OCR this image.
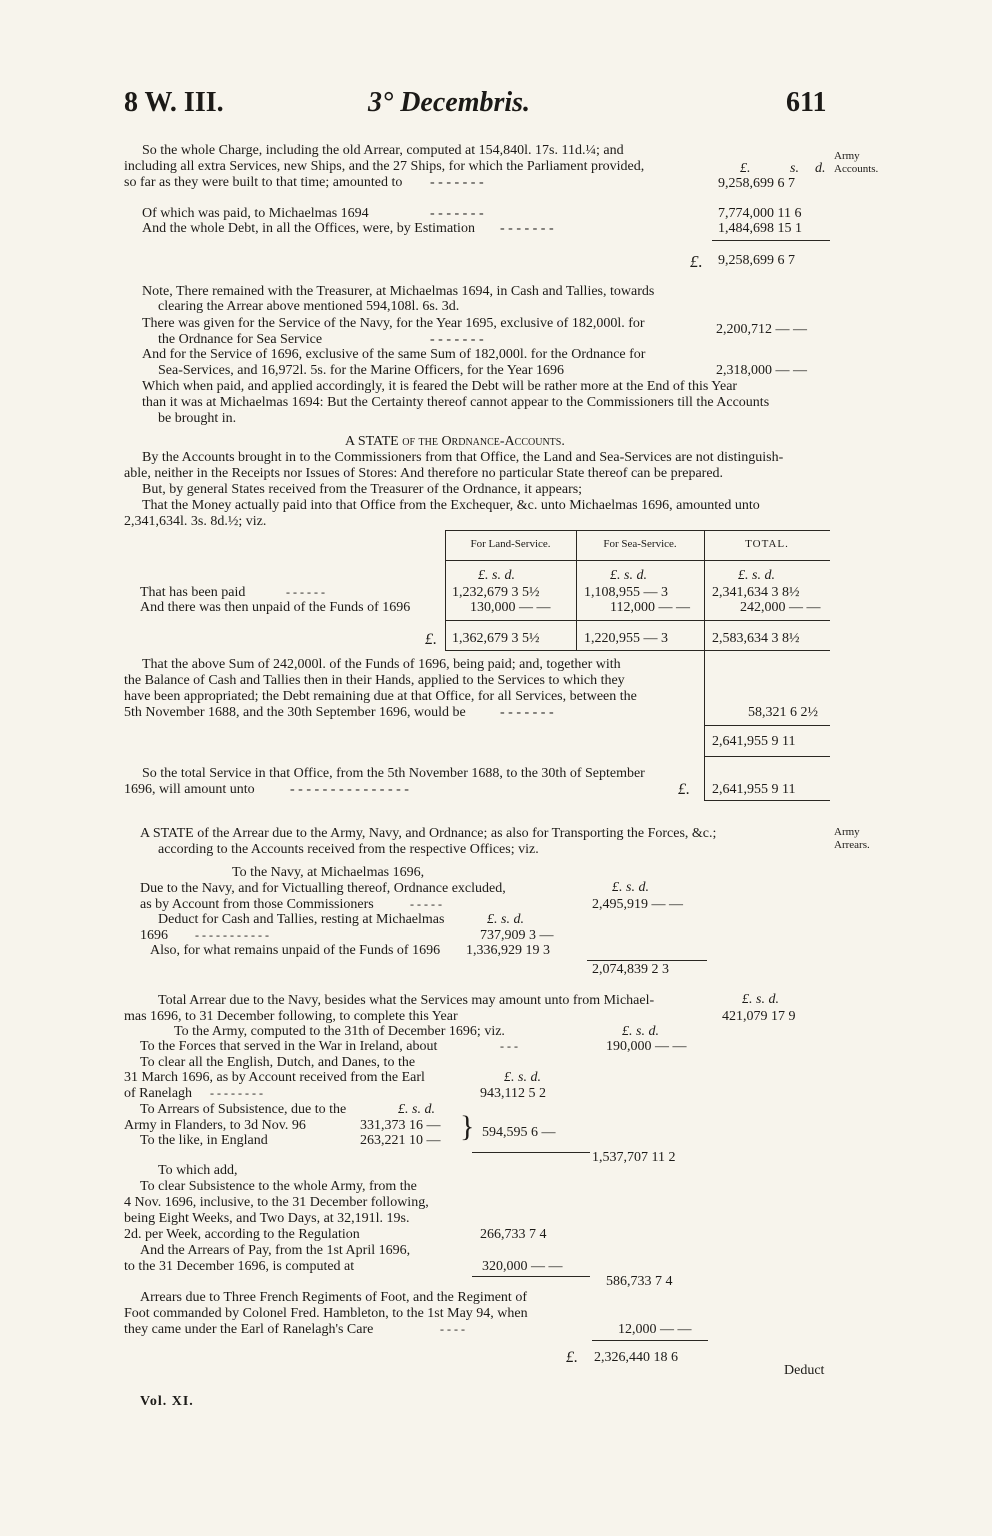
8 W. III.	3° Decembris.	611
Army
Accounts.
Army
Arrears.
So the whole Charge, including the old Arrear, computed at 154,840l. 17s. 11d.¼; and
including all extra Services, new Ships, and the 27 Ships, for which the Parliament provided,
so far as they were built to that time; amounted to - - - - - - -
£.	s. d.
9,258,699 6 7
Of which was paid, to Michaelmas 1694	- - - - - - -	7,774,000 11 6
And the whole Debt, in all the Offices, were, by Estimation - - - - - - -	1,484,698 15 1
£. 9,258,699 6 7
Note, There remained with the Treasurer, at Michaelmas 1694, in Cash and Tallies, towards
clearing the Arrear above mentioned 594,108l. 6s. 3d.
There was given for the Service of the Navy, for the Year 1695, exclusive of 182,000l. for
the Ordnance for Sea Service	- - - - - - -
2,200,712 — —
And for the Service of 1696, exclusive of the same Sum of 182,000l. for the Ordnance for
Sea-Services, and 16,972l. 5s. for the Marine Officers, for the Year 1696	2,318,000 — —
Which when paid, and applied accordingly, it is feared the Debt will be rather more at the End of this Year
than it was at Michaelmas 1694: But the Certainty thereof cannot appear to the Commissioners till the Accounts
be brought in.
A STATE of the Ordnance-Accounts.
By the Accounts brought in to the Commissioners from that Office, the Land and Sea-Services are not distinguish-
able, neither in the Receipts nor Issues of Stores: And therefore no particular State thereof can be prepared.
But, by general States received from the Treasurer of the Ordnance, it appears;
That the Money actually paid into that Office from the Exchequer, &c. unto Michaelmas 1696, amounted unto
2,341,634l. 3s. 8d.½; viz.
For Land-Service.	For Sea-Service.	TOTAL.
£. s. d.	£. s. d.	£. s. d.
That has been paid	- - - - - -	1,232,679 3 5½	1,108,955 — 3	2,341,634 3 8½
And there was then unpaid of the Funds of 1696	130,000 — —	112,000 — —	242,000 — —
£. 1,362,679 3 5½	1,220,955 — 3	2,583,634 3 8½
That the above Sum of 242,000l. of the Funds of 1696, being paid; and, together with
the Balance of Cash and Tallies then in their Hands, applied to the Services to which they
have been appropriated; the Debt remaining due at that Office, for all Services, between the
5th November 1688, and the 30th September 1696, would be - - - - - - -	58,321 6 2½
2,641,955 9 11
So the total Service in that Office, from the 5th November 1688, to the 30th of September
1696, will amount unto	- - - - - - - - - - - - - - -	£. 2,641,955 9 11
A STATE of the Arrear due to the Army, Navy, and Ordnance; as also for Transporting the Forces, &c.;
according to the Accounts received from the respective Offices; viz.
To the Navy, at Michaelmas 1696,
Due to the Navy, and for Victualling thereof, Ordnance excluded,	£. s. d.
as by Account from those Commissioners	- - - - -	2,495,919 — —
Deduct for Cash and Tallies, resting at Michaelmas	£. s. d.
1696 - - - - - - - - - - -	737,909 3 —
Also, for what remains unpaid of the Funds of 1696 1,336,929 19 3
2,074,839 2 3
Total Arrear due to the Navy, besides what the Services may amount unto from Michael-	£. s. d.
mas 1696, to 31 December following, to complete this Year	421,079 17 9
To the Army, computed to the 31th of December 1696; viz.	£. s. d.
To the Forces that served in the War in Ireland, about	- - -	190,000 — —
To clear all the English, Dutch, and Danes, to the
31 March 1696, as by Account received from the Earl	£. s. d.
of Ranelagh - - - - - - - -	943,112 5 2
To Arrears of Subsistence, due to the	£. s. d.
Army in Flanders, to 3d Nov. 96	331,373 16 —
To the like, in England	263,221 10 — } 594,595 6 —
1,537,707 11 2
To which add,
To clear Subsistence to the whole Army, from the
4 Nov. 1696, inclusive, to the 31 December following,
being Eight Weeks, and Two Days, at 32,191l. 19s.
2d. per Week, according to the Regulation	266,733 7 4
And the Arrears of Pay, from the 1st April 1696,
to the 31 December 1696, is computed at	320,000 — —
586,733 7 4
Arrears due to Three French Regiments of Foot, and the Regiment of
Foot commanded by Colonel Fred. Hambleton, to the 1st May 94, when
they came under the Earl of Ranelagh's Care	- - - -	12,000 — —
£. 2,326,440 18 6
Vol. XI.
Deduct
